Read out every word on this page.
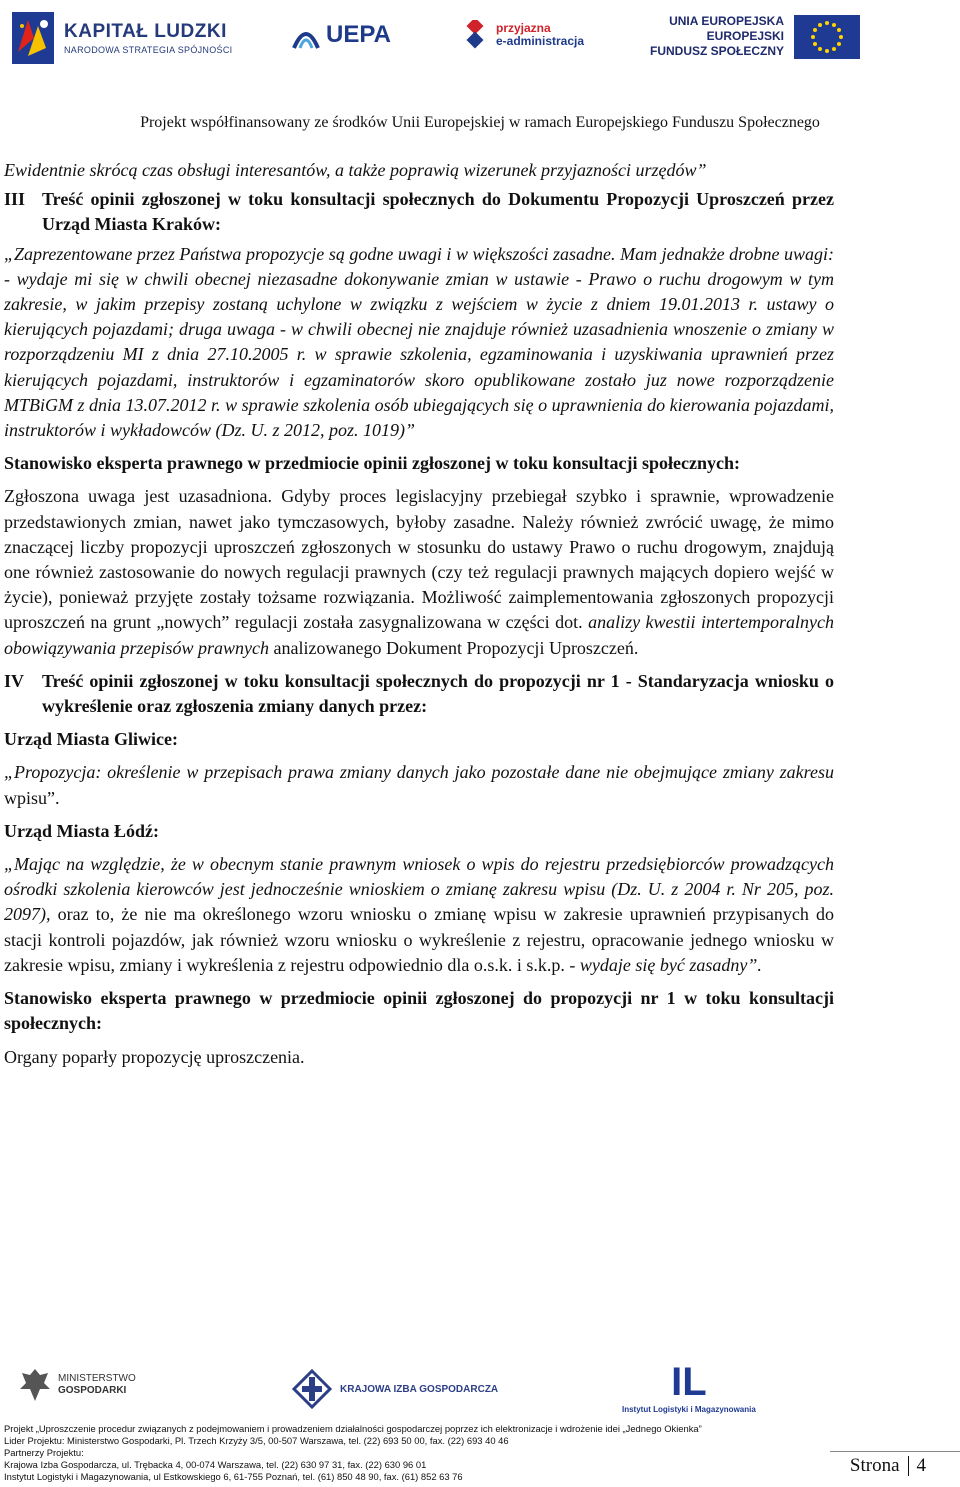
KAPITAŁ LUDZKI
NARODOWA STRATEGIA SPÓJNOŚCI
UEPA	przyjazna
e-administracja
UNIA EUROPEJSKA
EUROPEJSKI
FUNDUSZ SPOŁECZNY
Projekt współfinansowany ze środków Unii Europejskiej w ramach Europejskiego Funduszu Społecznego

Ewidentnie skrócą czas obsługi interesantów, a także poprawią wizerunek przyjazności urzędów”

III Treść opinii zgłoszonej w toku konsultacji społecznych do Dokumentu Propozycji Uproszczeń przez Urząd Miasta Kraków:

„Zaprezentowane przez Państwa propozycje są godne uwagi i w większości zasadne. Mam jednakże drobne uwagi: - wydaje mi się w chwili obecnej niezasadne dokonywanie zmian w ustawie - Prawo o ruchu drogowym w tym zakresie, w jakim przepisy zostaną uchylone w związku z wejściem w życie z dniem 19.01.2013 r. ustawy o kierujących pojazdami; druga uwaga - w chwili obecnej nie znajduje również uzasadnienia wnoszenie o zmiany w rozporządzeniu MI z dnia 27.10.2005 r. w sprawie szkolenia, egzaminowania i uzyskiwania uprawnień przez kierujących pojazdami, instruktorów i egzaminatorów skoro opublikowane zostało juz nowe rozporządzenie MTBiGM z dnia 13.07.2012 r. w sprawie szkolenia osób ubiegających się o uprawnienia do kierowania pojazdami, instruktorów i wykładowców (Dz. U. z 2012, poz. 1019)”

Stanowisko eksperta prawnego w przedmiocie opinii zgłoszonej w toku konsultacji społecznych:

Zgłoszona uwaga jest uzasadniona. Gdyby proces legislacyjny przebiegał szybko i sprawnie, wprowadzenie przedstawionych zmian, nawet jako tymczasowych, byłoby zasadne. Należy również zwrócić uwagę, że mimo znaczącej liczby propozycji uproszczeń zgłoszonych w stosunku do ustawy Prawo o ruchu drogowym, znajdują one również zastosowanie do nowych regulacji prawnych (czy też regulacji prawnych mających dopiero wejść w życie), ponieważ przyjęte zostały tożsame rozwiązania. Możliwość zaimplementowania zgłoszonych propozycji uproszczeń na grunt „nowych” regulacji została zasygnalizowana w części dot. analizy kwestii intertemporalnych obowiązywania przepisów prawnych analizowanego Dokument Propozycji Uproszczeń.

IV Treść opinii zgłoszonej w toku konsultacji społecznych do propozycji nr 1 - Standaryzacja wniosku o wykreślenie oraz zgłoszenia zmiany danych przez:

Urząd Miasta Gliwice:

„Propozycja: określenie w przepisach prawa zmiany danych jako pozostałe dane nie obejmujące zmiany zakresu wpisu”.

Urząd Miasta Łódź:

„Mając na względzie, że w obecnym stanie prawnym wniosek o wpis do rejestru przedsiębiorców prowadzących ośrodki szkolenia kierowców jest jednocześnie wnioskiem o zmianę zakresu wpisu (Dz. U. z 2004 r. Nr 205, poz. 2097), oraz to, że nie ma określonego wzoru wniosku o zmianę wpisu w zakresie uprawnień przypisanych do stacji kontroli pojazdów, jak również wzoru wniosku o wykreślenie z rejestru, opracowanie jednego wniosku w zakresie wpisu, zmiany i wykreślenia z rejestru odpowiednio dla o.s.k. i s.k.p. - wydaje się być zasadny”.

Stanowisko eksperta prawnego w przedmiocie opinii zgłoszonej do propozycji nr 1 w toku konsultacji społecznych:

Organy poparły propozycję uproszczenia.

MINISTERSTWO
GOSPODARKI	KRAJOWA IZBA GOSPODARCZA	IL
Instytut Logistyki i Magazynowania
Projekt „Uproszczenie procedur związanych z podejmowaniem i prowadzeniem działalności gospodarczej poprzez ich elektronizacje i wdrożenie idei „Jednego Okienka”
Lider Projektu: Ministerstwo Gospodarki, Pl. Trzech Krzyży 3/5, 00-507 Warszawa, tel. (22) 693 50 00, fax. (22) 693 40 46
Partnerzy Projektu:
Krajowa Izba Gospodarcza, ul. Trębacka 4, 00-074 Warszawa, tel. (22) 630 97 31, fax. (22) 630 96 01
Instytut Logistyki i Magazynowania, ul Estkowskiego 6, 61-755 Poznań, tel. (61) 850 48 90, fax. (61) 852 63 76
Strona 4
